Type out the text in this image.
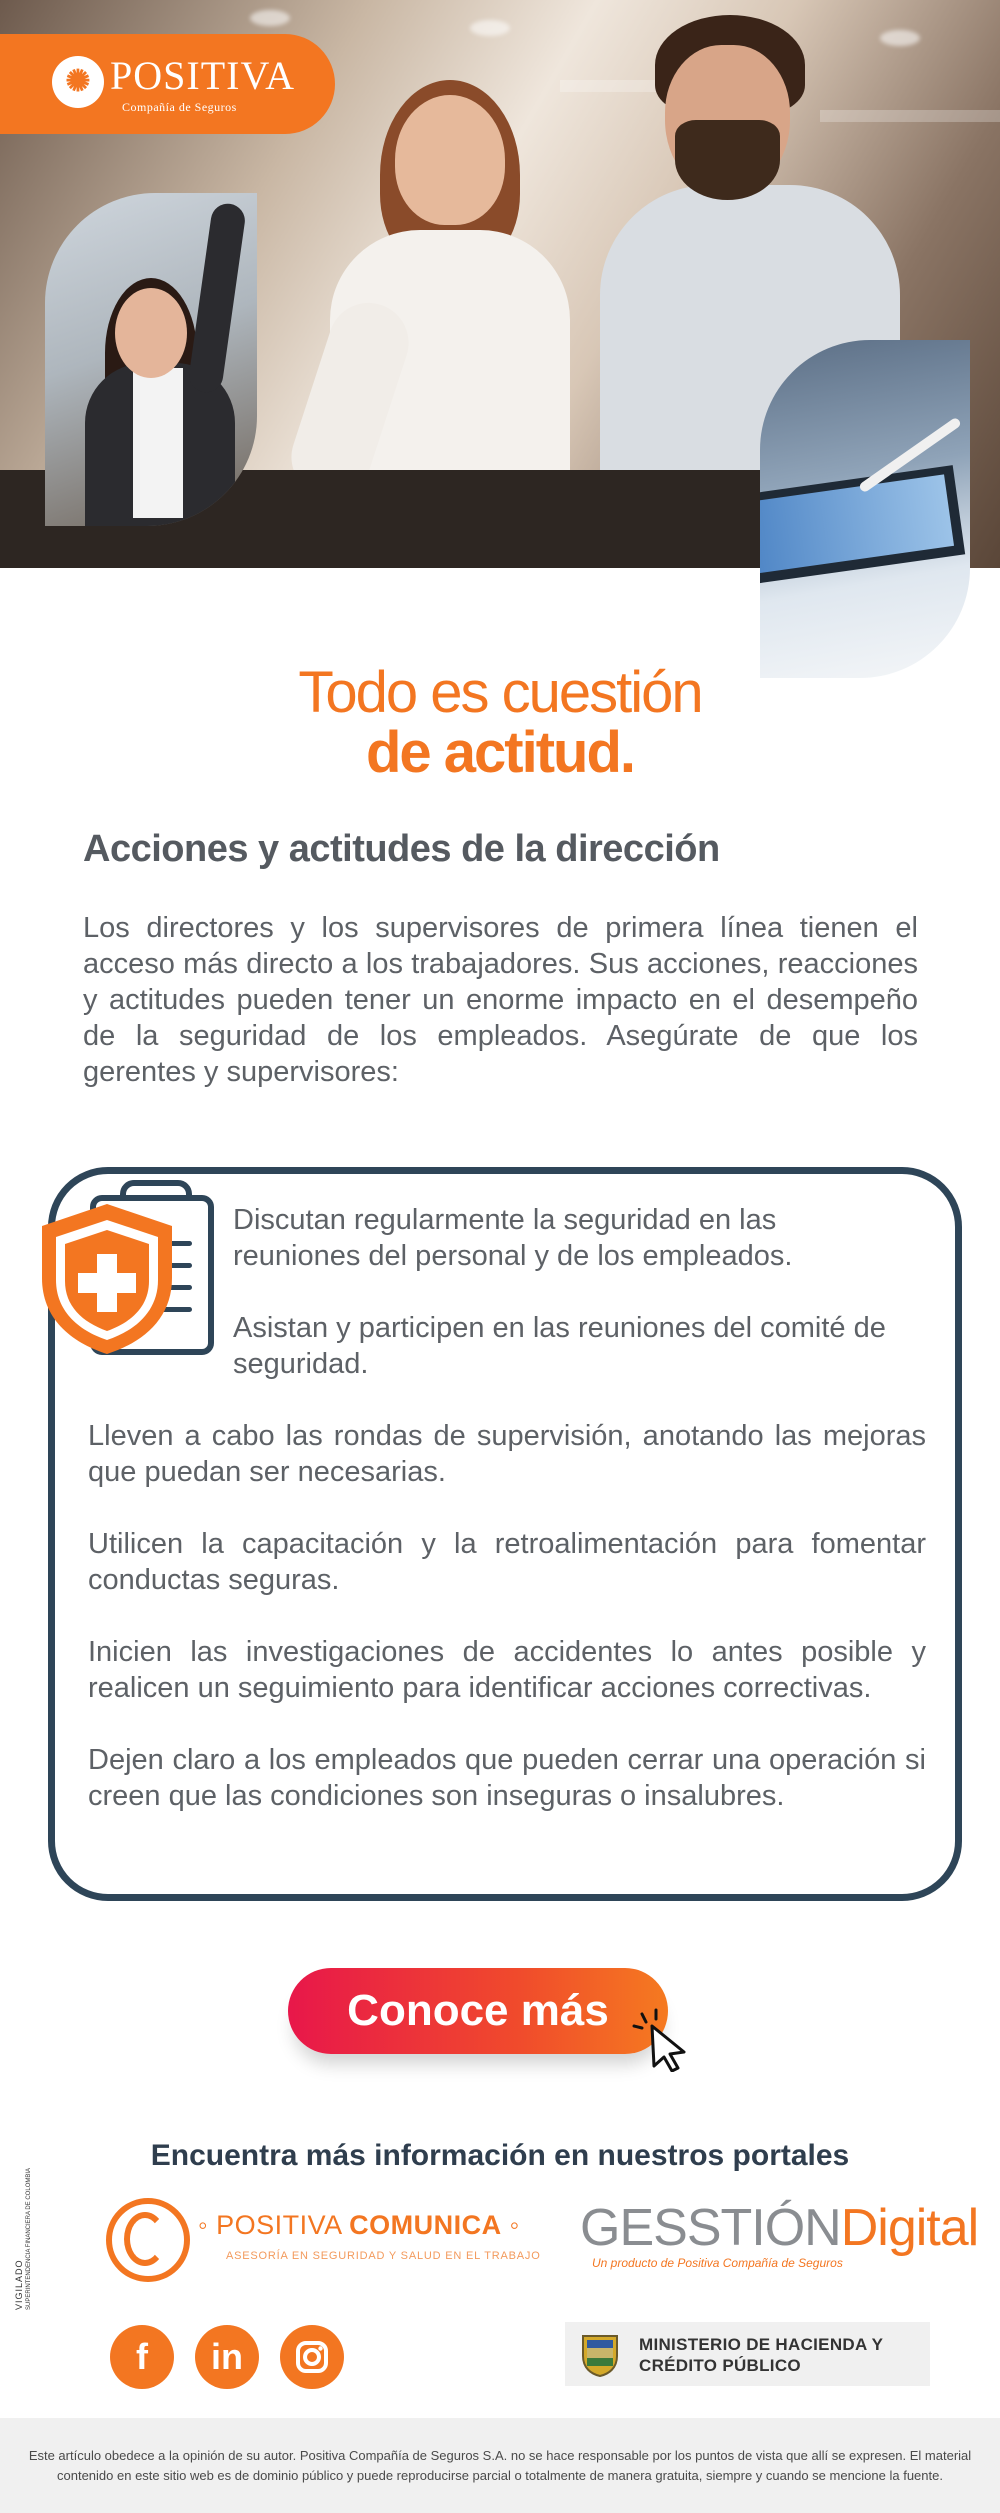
✺ POSITIVA
Compañía de Seguros
Todo es cuestión
de actitud.
Acciones y actitudes de la dirección
Los directores y los supervisores de primera línea tienen el acceso más directo a los trabajadores. Sus acciones, reacciones y actitudes pueden tener un enorme impacto en el desempeño de la seguridad de los empleados. Asegúrate de que los gerentes y supervisores:
Discutan regularmente la seguridad en las reuniones del personal y de los empleados.
Asistan y participen en las reuniones del comité de seguridad.
Lleven a cabo las rondas de supervisión, anotando las mejoras que puedan ser necesarias.
Utilicen la capacitación y la retroalimentación para fomentar conductas seguras.
Inicien las investigaciones de accidentes lo antes posible y realicen un seguimiento para identificar acciones correctivas.
Dejen claro a los empleados que pueden cerrar una operación si creen que las condiciones son inseguras o insalubres.
Conoce más
VIGILADO SUPERINTENDENCIA FINANCIERA DE COLOMBIA
Encuentra más información en nuestros portales
◦ POSITIVA COMUNICA ◦
ASESORÍA EN SEGURIDAD Y SALUD EN EL TRABAJO GESSTIÓNDigital
Un producto de Positiva Compañía de Seguros
f	in	MINISTERIO DE HACIENDA Y
CRÉDITO PÚBLICO
Este artículo obedece a la opinión de su autor. Positiva Compañía de Seguros S.A. no se hace responsable por los puntos de vista que allí se expresen. El material contenido en este sitio web es de dominio público y puede reproducirse parcial o totalmente de manera gratuita, siempre y cuando se mencione la fuente.
